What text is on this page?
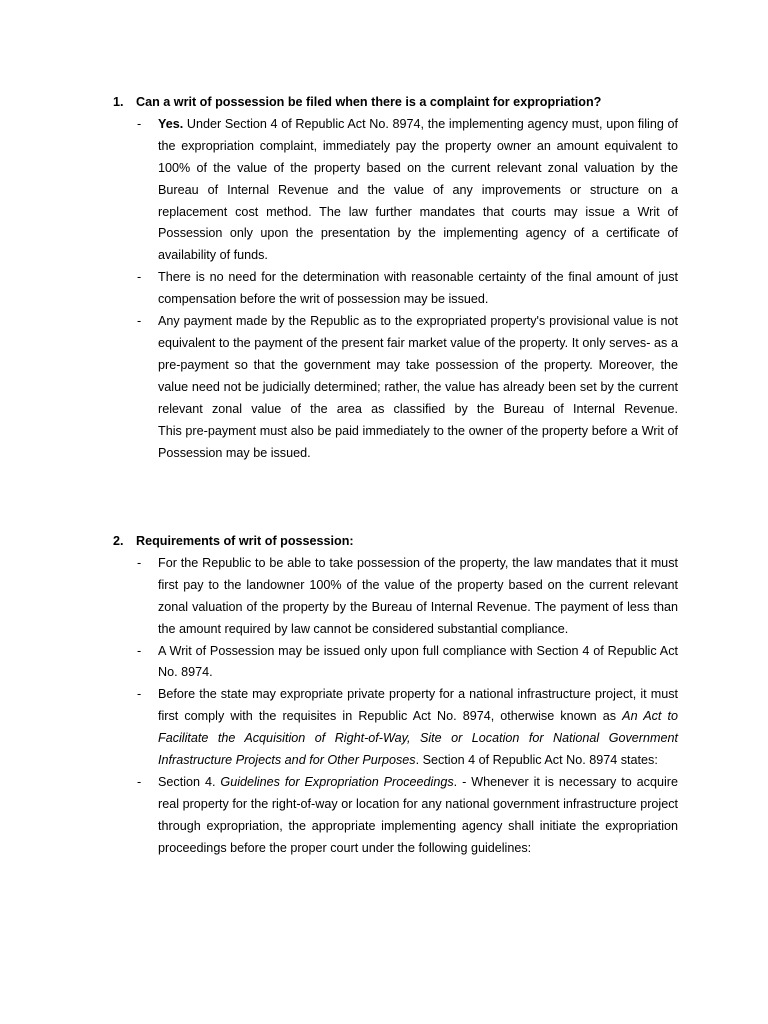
1. Can a writ of possession be filed when there is a complaint for expropriation?
- Yes. Under Section 4 of Republic Act No. 8974, the implementing agency must, upon filing of the expropriation complaint, immediately pay the property owner an amount equivalent to 100% of the value of the property based on the current relevant zonal valuation by the Bureau of Internal Revenue and the value of any improvements or structure on a replacement cost method. The law further mandates that courts may issue a Writ of Possession only upon the presentation by the implementing agency of a certificate of availability of funds.
- There is no need for the determination with reasonable certainty of the final amount of just compensation before the writ of possession may be issued.
- Any payment made by the Republic as to the expropriated property's provisional value is not equivalent to the payment of the present fair market value of the property. It only serves- as a pre-payment so that the government may take possession of the property. Moreover, the value need not be judicially determined; rather, the value has already been set by the current relevant zonal value of the area as classified by the Bureau of Internal Revenue.
This pre-payment must also be paid immediately to the owner of the property before a Writ of Possession may be issued.
2. Requirements of writ of possession:
- For the Republic to be able to take possession of the property, the law mandates that it must first pay to the landowner 100% of the value of the property based on the current relevant zonal valuation of the property by the Bureau of Internal Revenue. The payment of less than the amount required by law cannot be considered substantial compliance.
- A Writ of Possession may be issued only upon full compliance with Section 4 of Republic Act No. 8974.
- Before the state may expropriate private property for a national infrastructure project, it must first comply with the requisites in Republic Act No. 8974, otherwise known as An Act to Facilitate the Acquisition of Right-of-Way, Site or Location for National Government Infrastructure Projects and for Other Purposes. Section 4 of Republic Act No. 8974 states:
- Section 4. Guidelines for Expropriation Proceedings. - Whenever it is necessary to acquire real property for the right-of-way or location for any national government infrastructure project through expropriation, the appropriate implementing agency shall initiate the expropriation proceedings before the proper court under the following guidelines:
